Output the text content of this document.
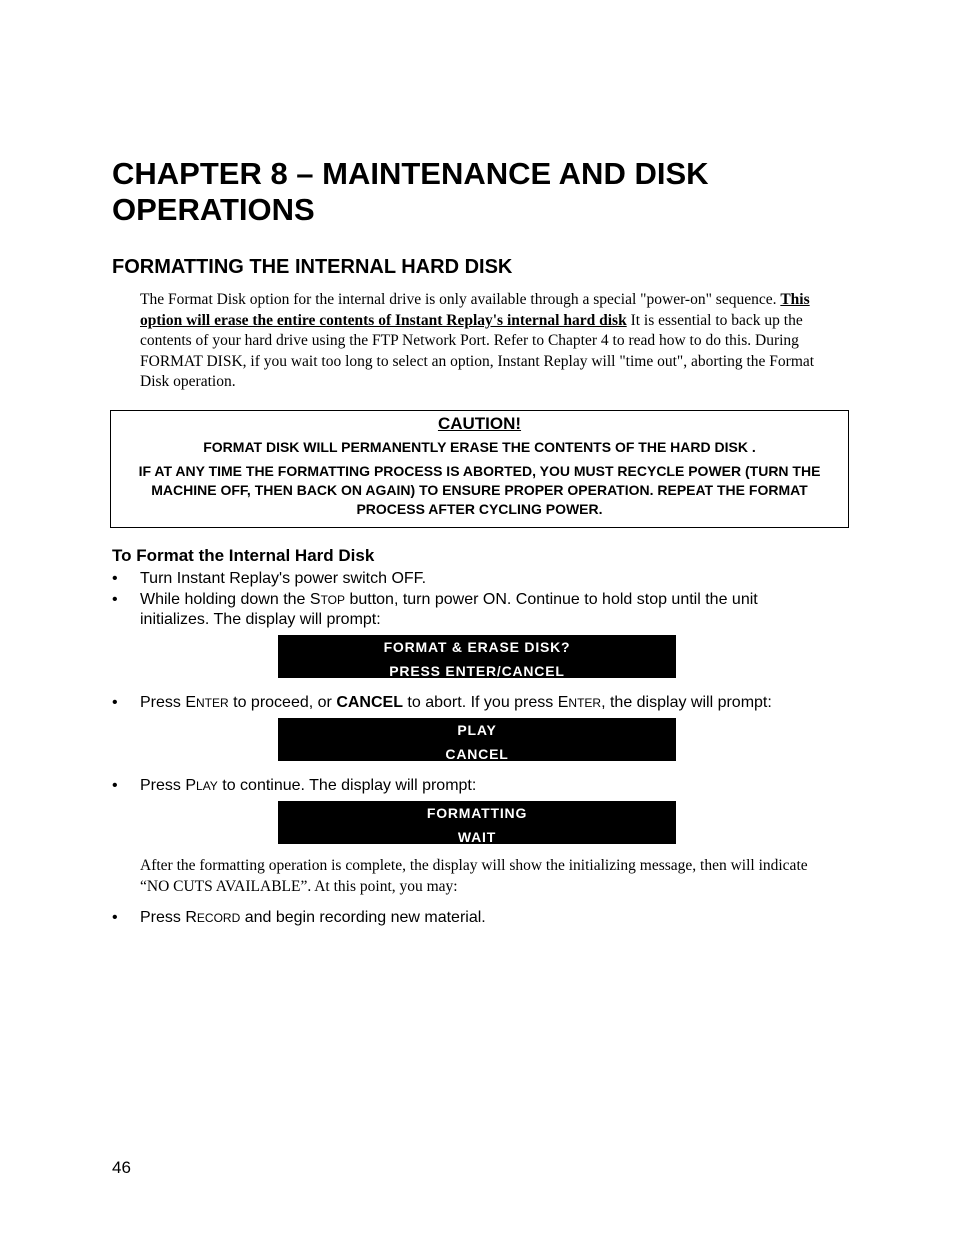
CHAPTER 8 – MAINTENANCE AND DISK OPERATIONS
FORMATTING THE INTERNAL HARD DISK

The Format Disk option for the internal drive is only available through a special "power-on" sequence. This option will erase the entire contents of Instant Replay's internal hard disk It is essential to back up the contents of your hard drive using the FTP Network Port. Refer to Chapter 4 to read how to do this. During FORMAT DISK, if you wait too long to select an option, Instant Replay will "time out", aborting the Format Disk operation.

CAUTION!
FORMAT DISK WILL PERMANENTLY ERASE THE CONTENTS OF THE HARD DISK .
IF AT ANY TIME THE FORMATTING PROCESS IS ABORTED, YOU MUST RECYCLE POWER (TURN THE MACHINE OFF, THEN BACK ON AGAIN) TO ENSURE PROPER OPERATION. REPEAT THE FORMAT PROCESS AFTER CYCLING POWER.
To Format the Internal Hard Disk
•	Turn Instant Replay's power switch OFF.
•	While holding down the STOP button, turn power ON. Continue to hold stop until the unit initializes. The display will prompt:
FORMAT & ERASE DISK?
PRESS ENTER/CANCEL
•	Press ENTER to proceed, or CANCEL to abort. If you press ENTER, the display will prompt:
PLAY
CANCEL
•	Press PLAY to continue. The display will prompt:
FORMATTING
WAIT

After the formatting operation is complete, the display will show the initializing message, then will indicate “NO CUTS AVAILABLE”. At this point, you may:

•	Press RECORD and begin recording new material.
46
